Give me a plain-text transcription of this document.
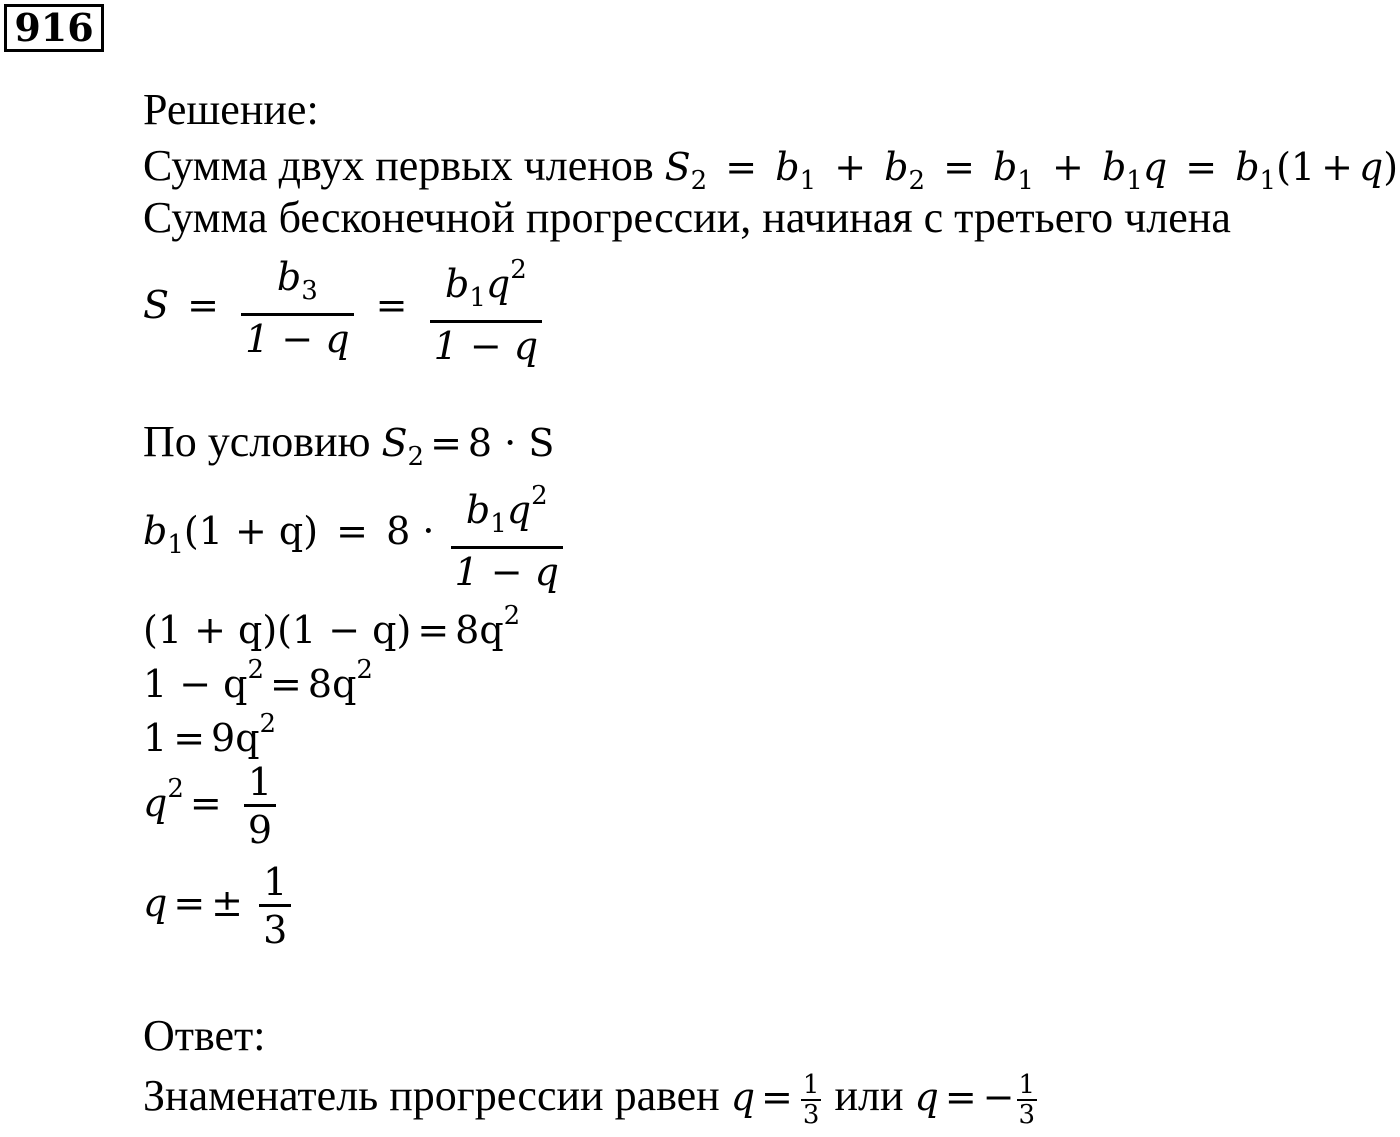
916
Решение:
Сумма двух первых членов $S_2 = b_1 + b_2 = b_1 + b_1q = b_1(1 + q)$
Сумма бесконечной прогрессии, начиная с третьего члена
$S = \frac{b_3}{1 - q} = \frac{b_1q^2}{1 - q}$
По условию $S_2 = 8 \cdot S$
$b_1(1 + q) = 8 \cdot \frac{b_1q^2}{1 - q}$
$(1 + q)(1 - q) = 8q^2$
$1 - q^2 = 8q^2$
$1 = 9q^2$
$q^2 = \frac{1}{9}$
q = ± $\frac{1}{3}$
Ответ:
Знаменатель прогрессии равен $q = \frac{1}{3}$ или q = − $\frac{1}{3}$
